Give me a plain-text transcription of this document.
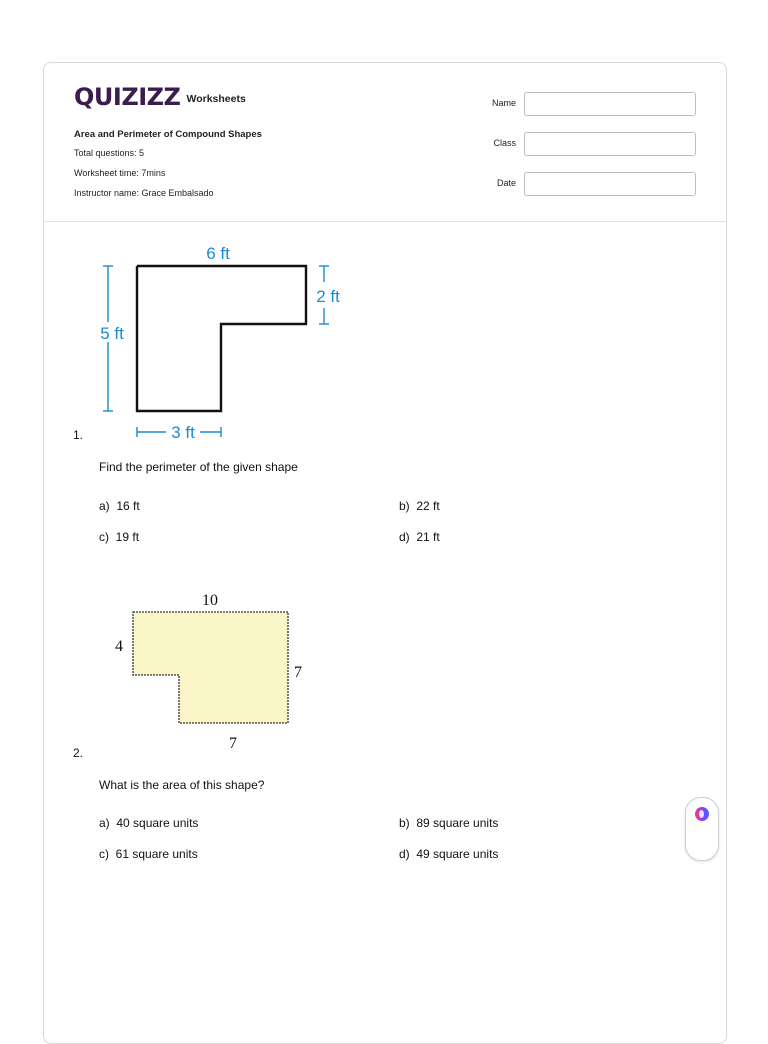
QUIZIZZ Worksheets
Area and Perimeter of Compound Shapes
Total questions: 5
Worksheet time: 7mins
Instructor name: Grace Embalsado
Name
Class
Date
6 ft
2 ft
5 ft
3 ft
1.
Find the perimeter of the given shape
a) 16 ft	b) 22 ft
c) 19 ft	d) 21 ft
10
4
7
7
2.
What is the area of this shape?
a) 40 square units	b) 89 square units
c) 61 square units	d) 49 square units
